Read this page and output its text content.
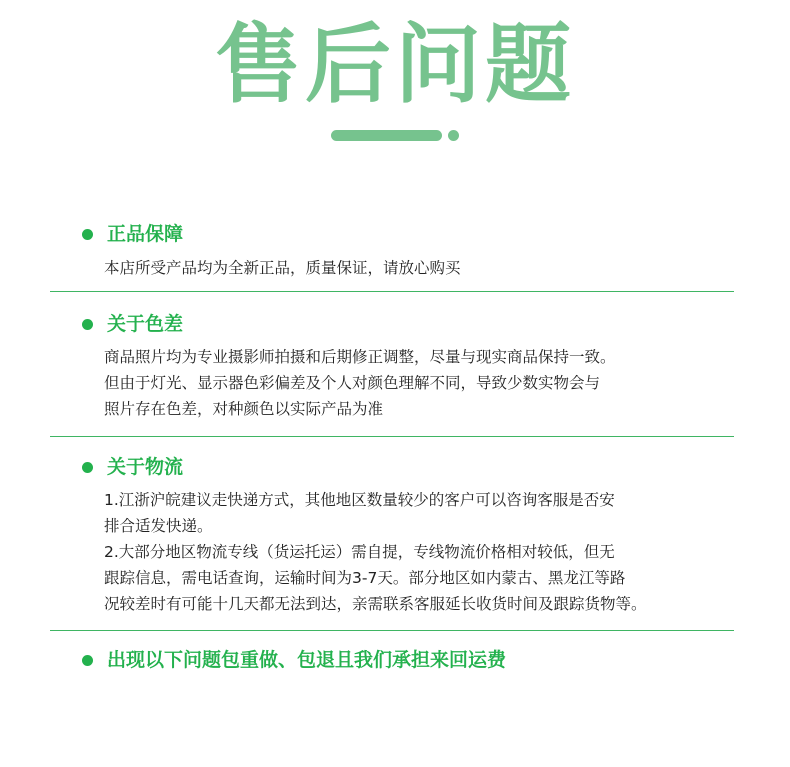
售后问题
正品保障
本店所受产品均为全新正品，质量保证，请放心购买
关于色差
商品照片均为专业摄影师拍摄和后期修正调整，尽量与现实商品保持一致。
但由于灯光、显示器色彩偏差及个人对颜色理解不同，导致少数实物会与
照片存在色差，对种颜色以实际产品为准
关于物流
1.江浙沪皖建议走快递方式，其他地区数量较少的客户可以咨询客服是否安
排合适发快递。
2.大部分地区物流专线（货运托运）需自提，专线物流价格相对较低，但无
跟踪信息，需电话查询，运输时间为3-7天。部分地区如内蒙古、黑龙江等路
况较差时有可能十几天都无法到达，亲需联系客服延长收货时间及跟踪货物等。
出现以下问题包重做、包退且我们承担来回运费
